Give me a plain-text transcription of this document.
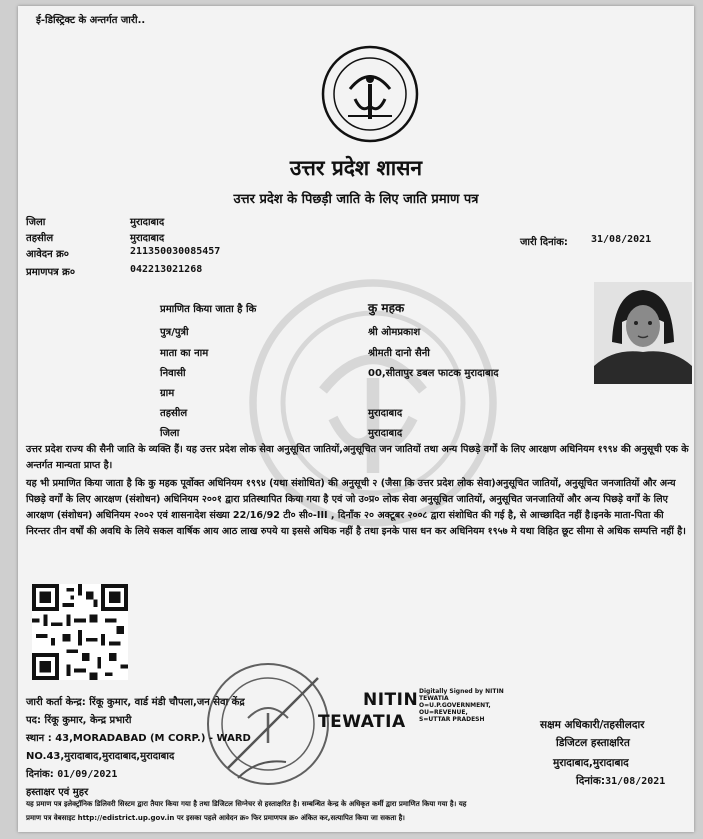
ई-डिस्ट्रिक्ट के अन्तर्गत जारी..
उत्तर प्रदेश शासन
उत्तर प्रदेश के पिछड़ी जाति के लिए जाति प्रमाण पत्र
जिला	मुरादाबाद
तहसील	मुरादाबाद
आवेदन क्र०	211350030085457
प्रमाणपत्र क्र०	042213021268
जारी दिनांक: 31/08/2021
प्रमाणित किया जाता है कि	कु महक
पुत्र/पुत्री	श्री ओमप्रकाश
माता का नाम	श्रीमती दानो सैनी
निवासी	00,सीतापुर डबल फाटक मुरादाबाद
ग्राम
तहसील	मुरादाबाद
जिला	मुरादाबाद
उत्तर प्रदेश राज्य की सैनी जाति के व्यक्ति हैं। यह उत्तर प्रदेश लोक सेवा अनुसूचित जातियों,अनुसूचित जन जातियों तथा अन्य पिछड़े वर्गों के लिए आरक्षण अधिनियम १९९४ की अनुसूची एक के अन्तर्गत मान्यता प्राप्त है।
यह भी प्रमाणित किया जाता है कि कु महक पूर्वोक्त अधिनियम १९९४ (यथा संशोधित) की अनुसूची २ (जैसा कि उत्तर प्रदेश लोक सेवा)अनुसूचित जातियों, अनुसूचित जनजातियों और अन्य पिछड़े वर्गों के लिए आरक्षण (संशोधन) अधिनियम २००१ द्वारा प्रतिस्थापित किया गया है एवं जो उ०प्र० लोक सेवा अनुसूचित जातियों, अनुसूचित जनजातियों और अन्य पिछड़े वर्गों के लिए आरक्षण (संशोधन) अधिनियम २००२ एवं शासनादेश संख्या 22/16/92 टी० सी०-III , दिनाँक २० अक्टूबर २००८ द्वारा संशोधित की गई है, से आच्छादित नहीं है।इनके माता-पिता की निरन्तर तीन वर्षों की अवधि के लिये सकल वार्षिक आय आठ लाख रुपये या इससे अधिक नहीं है तथा इनके पास धन कर अधिनियम १९५७ मे यथा विहित छूट सीमा से अधिक सम्पत्ति नहीं है।
जारी कर्ता केन्द्र: रिंकू कुमार, वार्ड मंडी चौपला,जन सेवा केंद्र
पद: रिंकू कुमार, केन्द्र प्रभारी
स्थान : 43,MORADABAD (M CORP.) - WARD
NO.43,मुरादाबाद,मुरादाबाद,मुरादाबाद
दिनांक: 01/09/2021
हस्ताक्षर एवं मुहर
NITIN
TEWATIA
Digitally Signed by NITIN
TEWATIA
O=U.P.GOVERNMENT,
OU=REVENUE,
S=UTTAR PRADESH	सक्षम अधिकारी/तहसीलदार
डिजिटल हस्ताक्षरित
मुरादाबाद,मुरादाबाद
दिनांक:31/08/2021
यह प्रमाण पत्र इलेक्ट्रॉनिक डिलिवरी सिस्टम द्वारा तैयार किया गया है तथा डिजिटल सिग्नेचर से हस्ताक्षरित है। सम्बन्धित केन्द्र के अधिकृत कर्मी द्वारा प्रमाणित किया गया है। यह
प्रमाण पत्र वेबसाइट http://edistrict.up.gov.in पर इसका पहले आवेदन क्र० फिर प्रमाणपत्र क्र० अंकित कर,सत्यापित किया जा सकता है।
